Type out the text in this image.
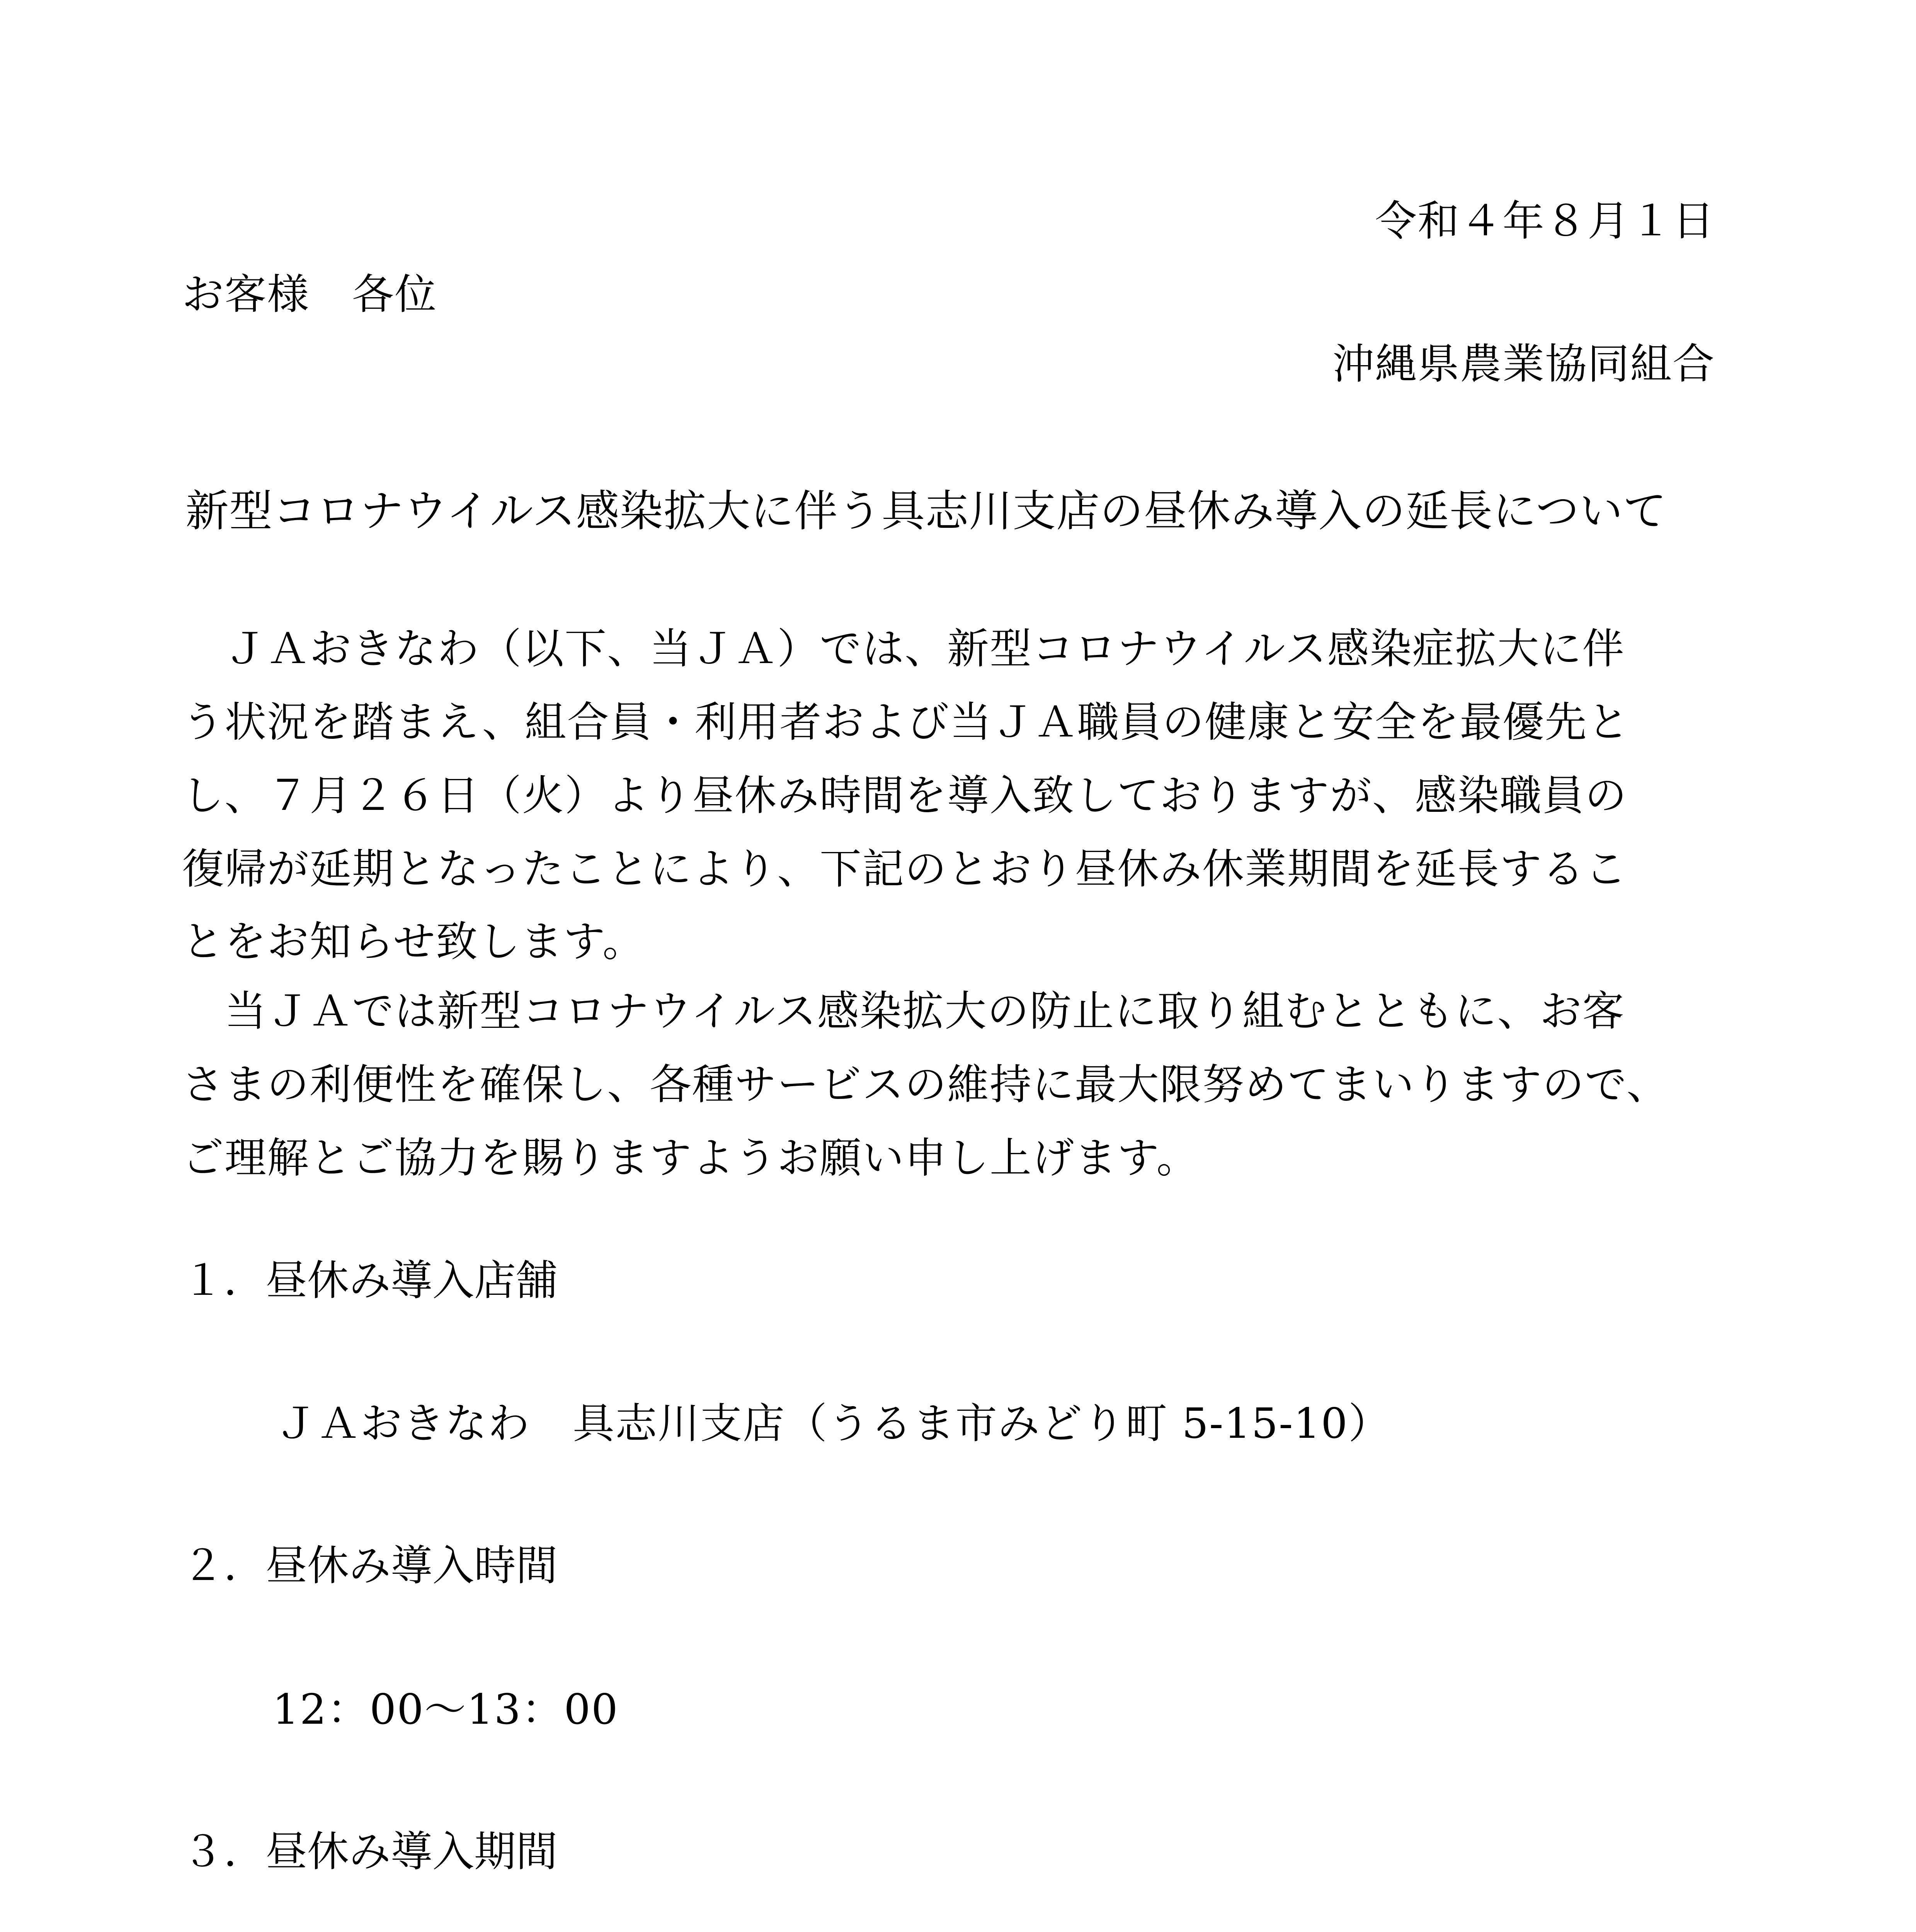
令和４年８月１日
お客様　各位
沖縄県農業協同組合
新型コロナウイルス感染拡大に伴う具志川支店の昼休み導入の延長について
　ＪＡおきなわ（以下、当ＪＡ）では、新型コロナウイルス感染症拡大に伴
う状況を踏まえ、組合員・利用者および当ＪＡ職員の健康と安全を最優先と
し、７月２６日（火）より昼休み時間を導入致しておりますが、感染職員の
復帰が延期となったことにより、下記のとおり昼休み休業期間を延長するこ
とをお知らせ致します。
　当ＪＡでは新型コロナウイルス感染拡大の防止に取り組むとともに、お客
さまの利便性を確保し、各種サービスの維持に最大限努めてまいりますので、
ご理解とご協力を賜りますようお願い申し上げます。
１．昼休み導入店舗
ＪＡおきなわ　具志川支店（うるま市みどり町 5-15-10）
２．昼休み導入時間
12：00～13：00
３．昼休み導入期間
